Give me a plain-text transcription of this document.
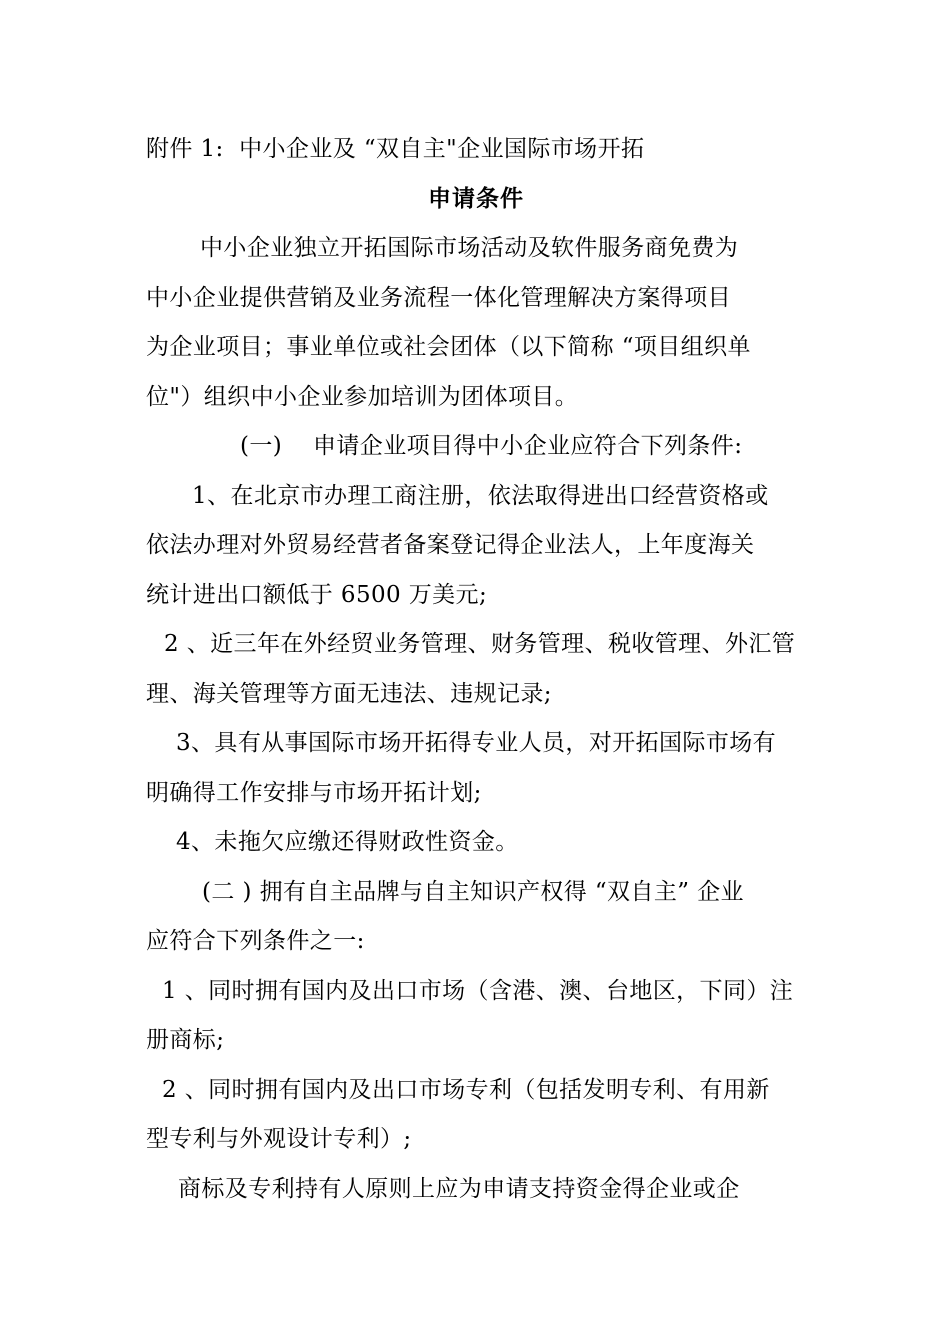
附件 1:  中小企业及 “双自主"企业国际市场开拓

申请条件

中小企业独立开拓国际市场活动及软件服务商免费为

中小企业提供营销及业务流程一体化管理解决方案得项目

为企业项目；事业单位或社会团体（以下简称 “项目组织单

位"）组织中小企业参加培训为团体项目。

(一)    申请企业项目得中小企业应符合下列条件:

1、在北京市办理工商注册，依法取得进出口经营资格或

依法办理对外贸易经营者备案登记得企业法人，上年度海关

统计进出口额低于 6500 万美元;

2 、近三年在外经贸业务管理、财务管理、税收管理、外汇管

理、海关管理等方面无违法、违规记录;

3、具有从事国际市场开拓得专业人员，对开拓国际市场有

明确得工作安排与市场开拓计划;

4、未拖欠应缴还得财政性资金。

(二 ) 拥有自主品牌与自主知识产权得 “双自主” 企业

应符合下列条件之一:

1 、同时拥有国内及出口市场（含港、澳、台地区，下同）注

册商标;

2 、同时拥有国内及出口市场专利（包括发明专利、有用新

型专利与外观设计专利）;

商标及专利持有人原则上应为申请支持资金得企业或企
